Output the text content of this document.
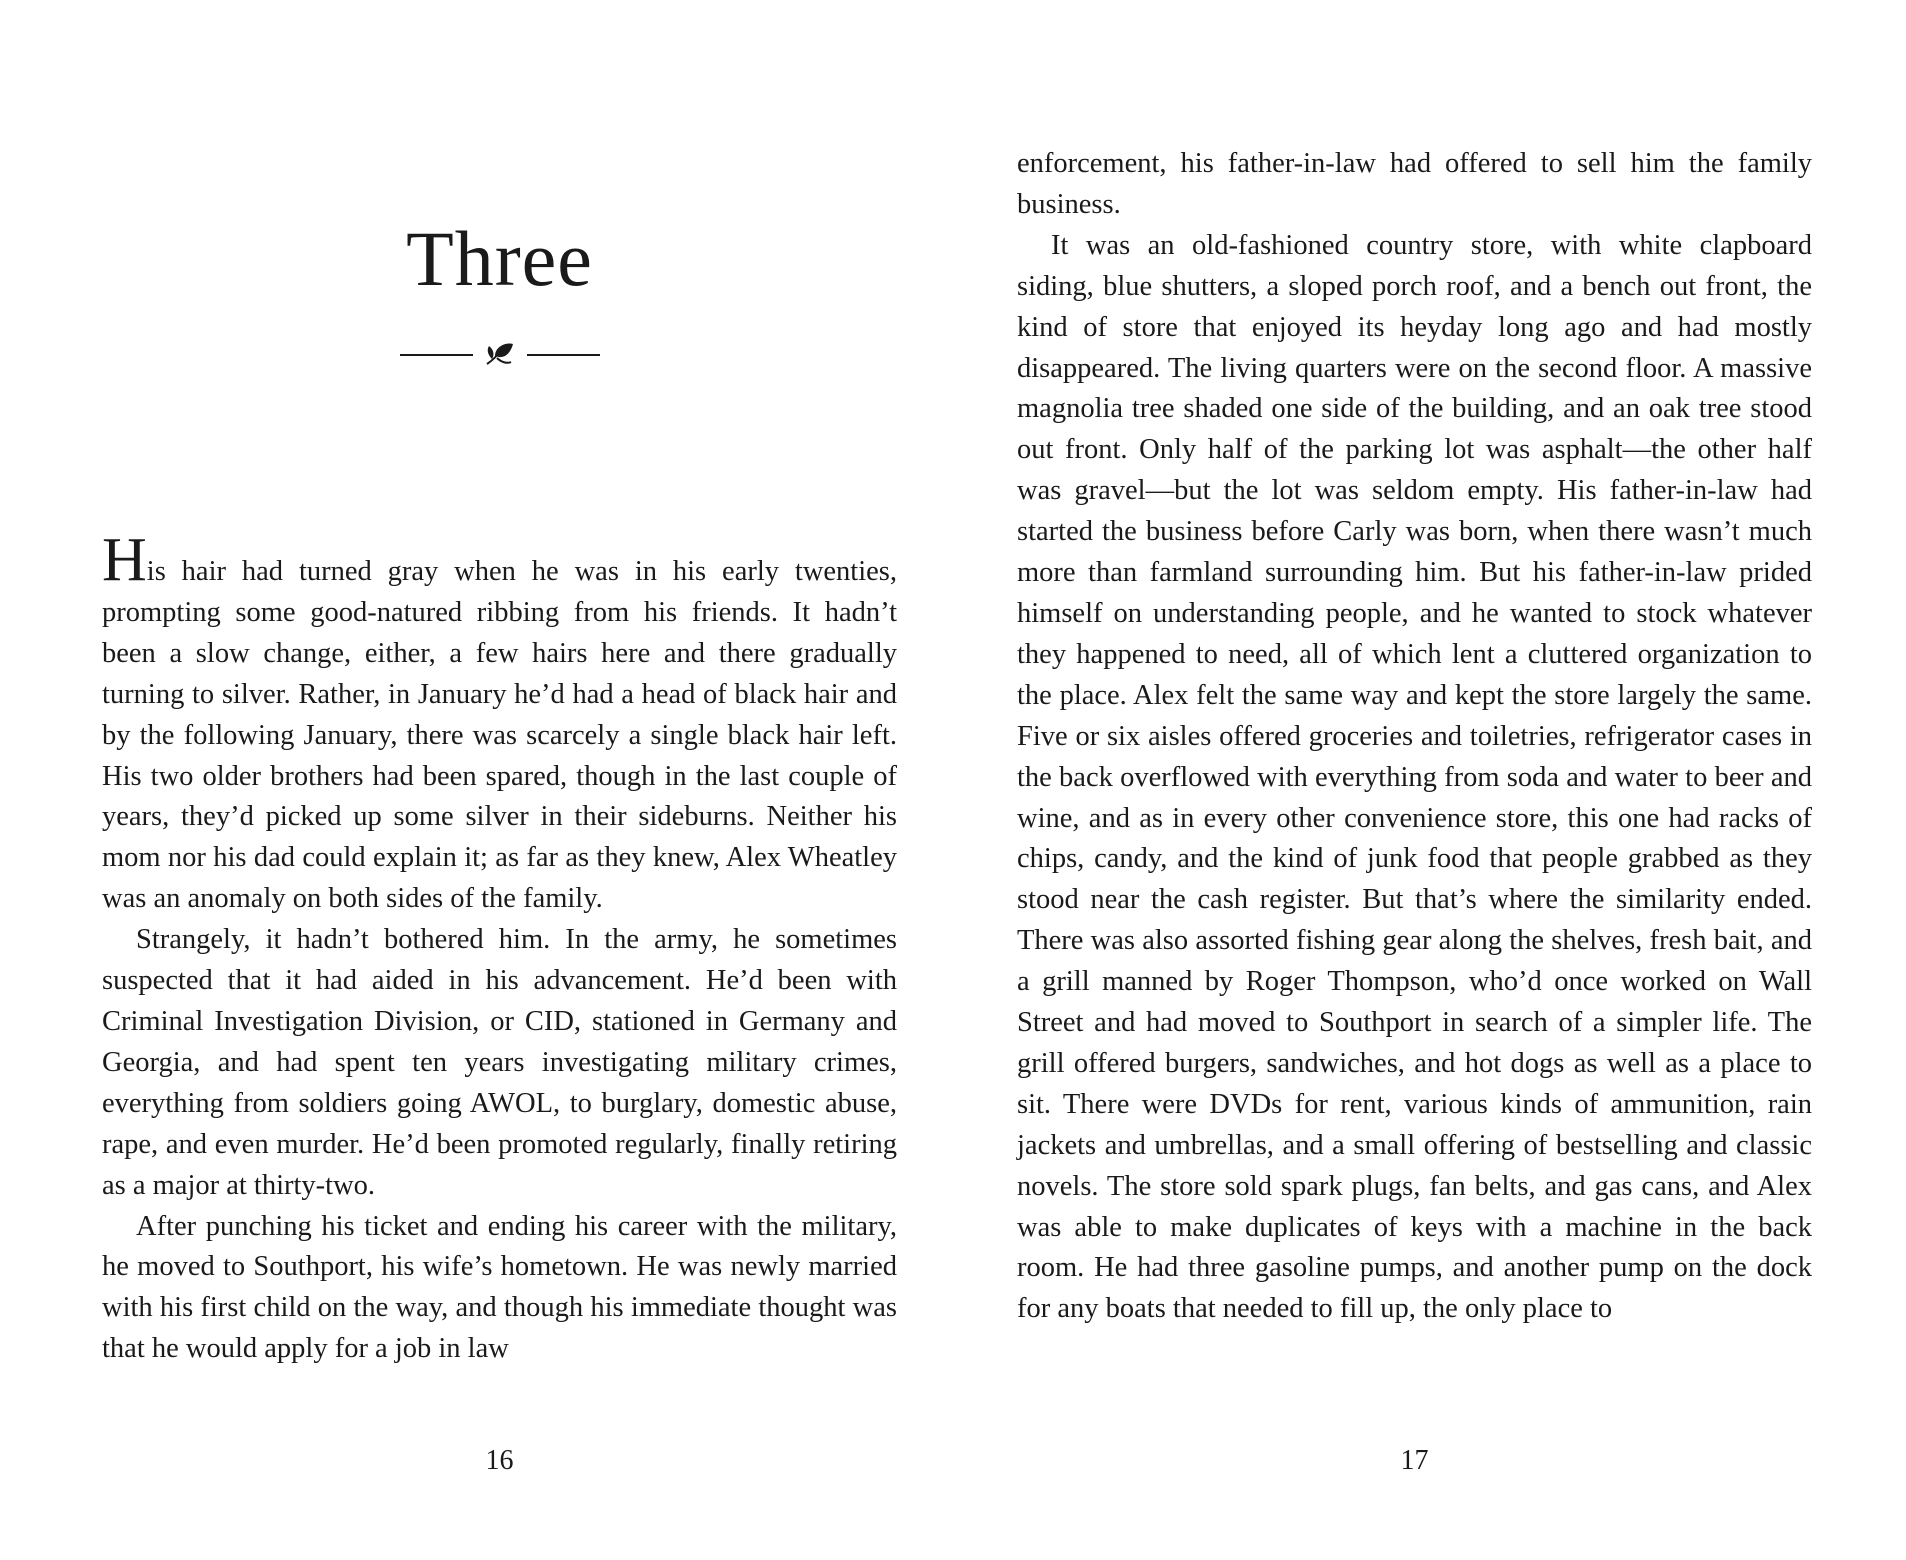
Three

His hair had turned gray when he was in his early twenties, prompting some good-natured ribbing from his friends. It hadn’t been a slow change, either, a few hairs here and there gradually turning to silver. Rather, in January he’d had a head of black hair and by the following January, there was scarcely a single black hair left. His two older brothers had been spared, though in the last couple of years, they’d picked up some silver in their sideburns. Neither his mom nor his dad could explain it; as far as they knew, Alex Wheatley was an anomaly on both sides of the family.

Strangely, it hadn’t bothered him. In the army, he sometimes suspected that it had aided in his advancement. He’d been with Criminal Investigation Division, or CID, stationed in Germany and Georgia, and had spent ten years investigating military crimes, everything from soldiers going AWOL, to burglary, domestic abuse, rape, and even murder. He’d been promoted regularly, finally retiring as a major at thirty-two.

After punching his ticket and ending his career with the military, he moved to Southport, his wife’s hometown. He was newly married with his first child on the way, and though his immediate thought was that he would apply for a job in law

16

enforcement, his father-in-law had offered to sell him the family business.

It was an old-fashioned country store, with white clapboard siding, blue shutters, a sloped porch roof, and a bench out front, the kind of store that enjoyed its heyday long ago and had mostly disappeared. The living quarters were on the second floor. A massive magnolia tree shaded one side of the building, and an oak tree stood out front. Only half of the parking lot was asphalt—the other half was gravel—but the lot was seldom empty. His father-in-law had started the business before Carly was born, when there wasn’t much more than farmland surrounding him. But his father-in-law prided himself on understanding people, and he wanted to stock whatever they happened to need, all of which lent a cluttered organization to the place. Alex felt the same way and kept the store largely the same. Five or six aisles offered groceries and toiletries, refrigerator cases in the back overflowed with everything from soda and water to beer and wine, and as in every other convenience store, this one had racks of chips, candy, and the kind of junk food that people grabbed as they stood near the cash register. But that’s where the similarity ended. There was also assorted fishing gear along the shelves, fresh bait, and a grill manned by Roger Thompson, who’d once worked on Wall Street and had moved to Southport in search of a simpler life. The grill offered burgers, sandwiches, and hot dogs as well as a place to sit. There were DVDs for rent, various kinds of ammunition, rain jackets and umbrellas, and a small offering of bestselling and classic novels. The store sold spark plugs, fan belts, and gas cans, and Alex was able to make duplicates of keys with a machine in the back room. He had three gasoline pumps, and another pump on the dock for any boats that needed to fill up, the only place to

17
